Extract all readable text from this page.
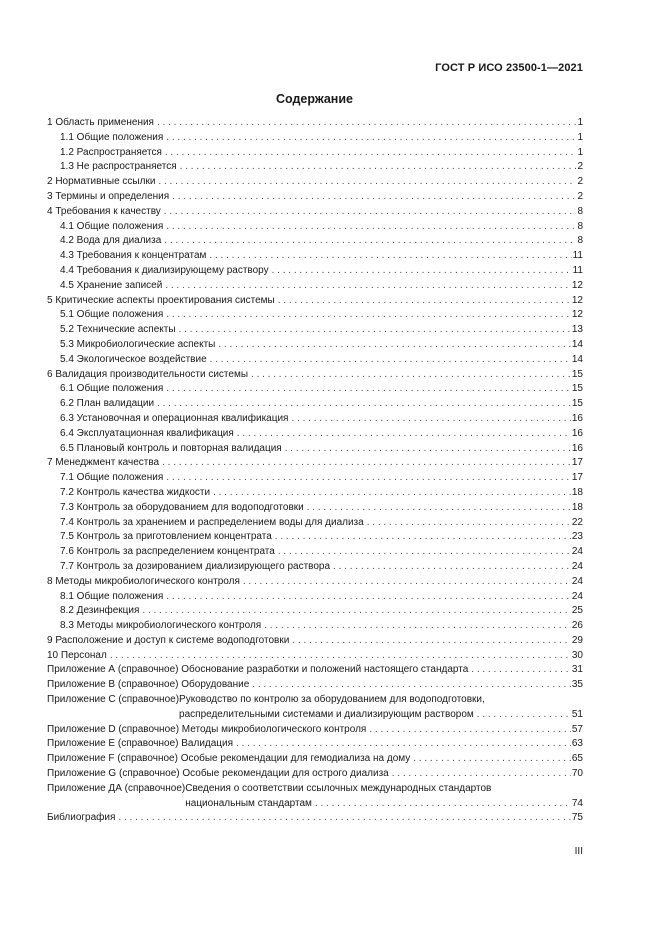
ГОСТ Р ИСО 23500-1—2021
Содержание
1 Область применения . . .	1
1.1 Общие положения . . .	1
1.2 Распространяется . . .	1
1.3 Не распространяется . . .	2
2 Нормативные ссылки . . .	2
3 Термины и определения . . .	2
4 Требования к качеству . . .	8
4.1 Общие положения . . .	8
4.2 Вода для диализа . . .	8
4.3 Требования к концентратам . . .	11
4.4 Требования к диализирующему раствору . . .	11
4.5 Хранение записей . . .	12
5 Критические аспекты проектирования системы . . .	12
5.1 Общие положения . . .	12
5.2 Технические аспекты . . .	13
5.3 Микробиологические аспекты . . .	14
5.4 Экологическое воздействие . . .	14
6 Валидация производительности системы . . .	15
6.1 Общие положения . . .	15
6.2 План валидации . . .	15
6.3 Установочная и операционная квалификация . . .	16
6.4 Эксплуатационная квалификация . . .	16
6.5 Плановый контроль и повторная валидация . . .	16
7 Менеджмент качества . . .	17
7.1 Общие положения . . .	17
7.2 Контроль качества жидкости . . .	18
7.3 Контроль за оборудованием для водоподготовки . . .	18
7.4 Контроль за хранением и распределением воды для диализа . . .	22
7.5 Контроль за приготовлением концентрата . . .	23
7.6 Контроль за распределением концентрата . . .	24
7.7 Контроль за дозированием диализирующего раствора . . .	24
8 Методы микробиологического контроля . . .	24
8.1 Общие положения . . .	24
8.2 Дезинфекция . . .	25
8.3 Методы микробиологического контроля . . .	26
9 Расположение и доступ к системе водоподготовки . . .	29
10 Персонал . . .	30
Приложение А (справочное) Обоснование разработки и положений настоящего стандарта . . .	31
Приложение В (справочное) Оборудование . . .	35
Приложение С (справочное) Руководство по контролю за оборудованием для водоподготовки,
распределительными системами и диализирующим раствором . . .	51
Приложение D (справочное) Методы микробиологического контроля . . .	57
Приложение Е (справочное) Валидация . . .	63
Приложение F (справочное) Особые рекомендации для гемодиализа на дому . . .	65
Приложение G (справочное) Особые рекомендации для острого диализа . . .	70
Приложение ДА (справочное) Сведения о соответствии ссылочных международных стандартов
национальным стандартам . . .	74
Библиография . . .	75
III
